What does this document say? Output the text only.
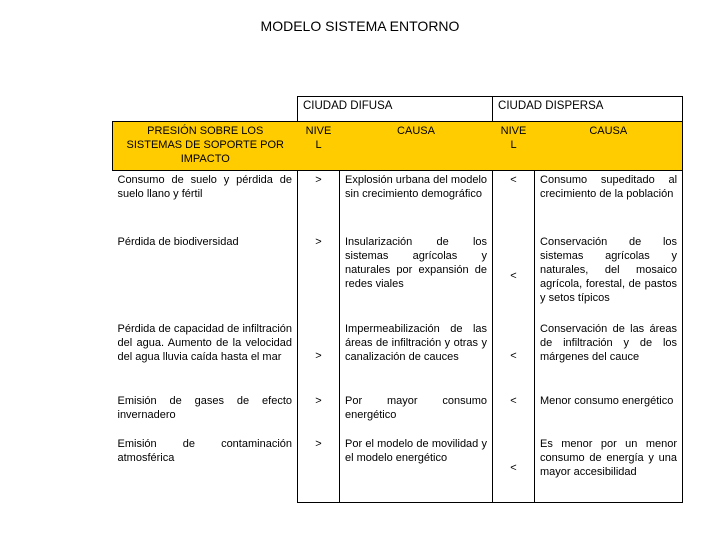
MODELO SISTEMA ENTORNO
	CIUDAD DIFUSA		CIUDAD DISPERSA	
PRESIÓN SOBRE LOS SISTEMAS DE SOPORTE POR IMPACTO	NIVE L	CAUSA	NIVE L	CAUSA
Consumo de suelo y pérdida de suelo llano y fértil	>	Explosión urbana del modelo sin crecimiento demográfico	<	Consumo supeditado al crecimiento de la población
Pérdida de biodiversidad	>	Insularización de los sistemas agrícolas y naturales por expansión de redes viales	<	Conservación de los sistemas agrícolas y naturales, del mosaico agrícola, forestal, de pastos y setos típicos
Pérdida de capacidad de infiltración del agua. Aumento de la velocidad del agua lluvia caída hasta el mar	>	Impermeabilización de las áreas de infiltración y otras y canalización de cauces	<	Conservación de las áreas de infiltración y de los márgenes del cauce
Emisión de gases de efecto invernadero	>	Por mayor consumo energético	<	Menor consumo energético
Emisión de contaminación atmosférica	>	Por el modelo de movilidad y el modelo energético	<	Es menor por un menor consumo de energía y una mayor accesibilidad
